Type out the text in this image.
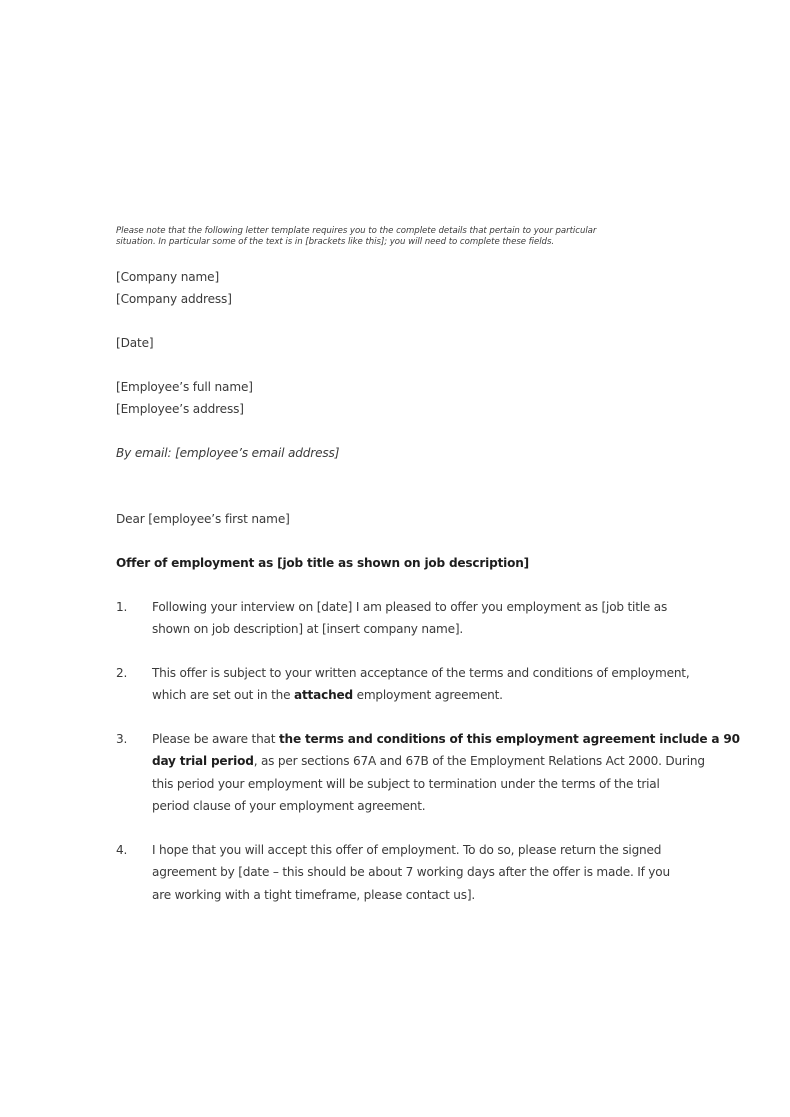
Please note that the following letter template requires you to the complete details that pertain to your particular
situation. In particular some of the text is in [brackets like this]; you will need to complete these fields.
[Company name]
[Company address]
[Date]
[Employee’s full name]
[Employee’s address]
By email: [employee’s email address]
Dear [employee’s first name]
Offer of employment as [job title as shown on job description]
1.	Following your interview on [date] I am pleased to offer you employment as [job title as
shown on job description] at [insert company name].
2.	This offer is subject to your written acceptance of the terms and conditions of employment,
which are set out in the attached employment agreement.
3.	Please be aware that the terms and conditions of this employment agreement include a 90
day trial period, as per sections 67A and 67B of the Employment Relations Act 2000. During
this period your employment will be subject to termination under the terms of the trial
period clause of your employment agreement.
4.	I hope that you will accept this offer of employment. To do so, please return the signed
agreement by [date – this should be about 7 working days after the offer is made. If you
are working with a tight timeframe, please contact us].
